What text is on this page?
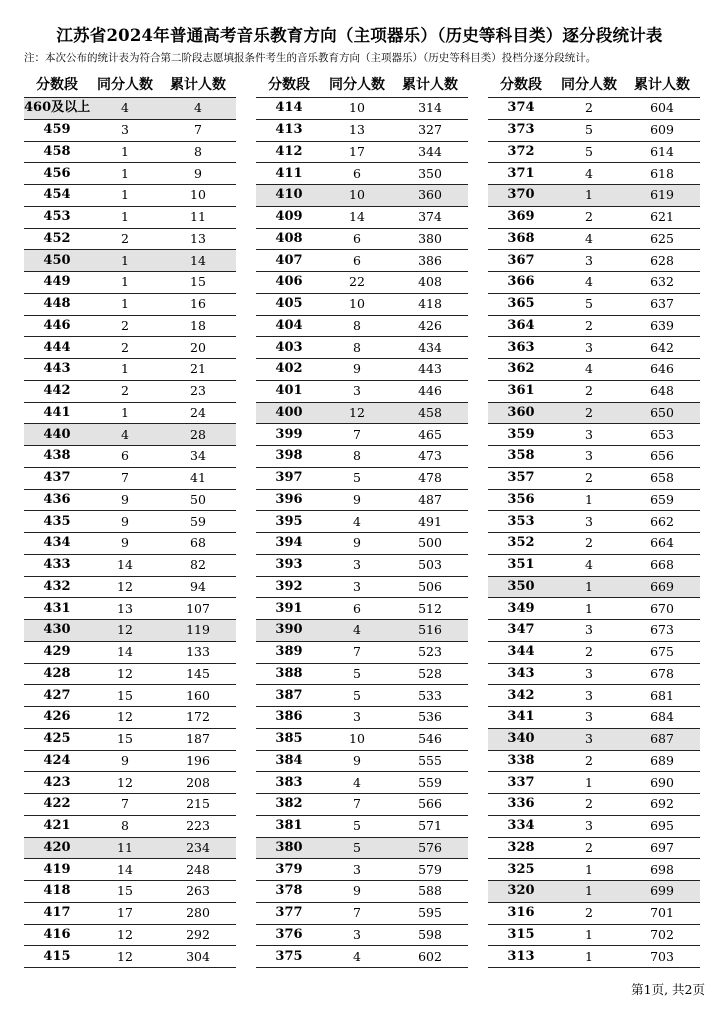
江苏省2024年普通高考音乐教育方向（主项器乐）（历史等科目类）逐分段统计表
注：本次公布的统计表为符合第二阶段志愿填报条件考生的音乐教育方向（主项器乐）（历史等科目类）投档分逐分段统计。
分数段	同分人数	累计人数
460及以上	4	4
459	3	7
458	1	8
456	1	9
454	1	10
453	1	11
452	2	13
450	1	14
449	1	15
448	1	16
446	2	18
444	2	20
443	1	21
442	2	23
441	1	24
440	4	28
438	6	34
437	7	41
436	9	50
435	9	59
434	9	68
433	14	82
432	12	94
431	13	107
430	12	119
429	14	133
428	12	145
427	15	160
426	12	172
425	15	187
424	9	196
423	12	208
422	7	215
421	8	223
420	11	234
419	14	248
418	15	263
417	17	280
416	12	292
415	12	304
分数段	同分人数	累计人数
414	10	314
413	13	327
412	17	344
411	6	350
410	10	360
409	14	374
408	6	380
407	6	386
406	22	408
405	10	418
404	8	426
403	8	434
402	9	443
401	3	446
400	12	458
399	7	465
398	8	473
397	5	478
396	9	487
395	4	491
394	9	500
393	3	503
392	3	506
391	6	512
390	4	516
389	7	523
388	5	528
387	5	533
386	3	536
385	10	546
384	9	555
383	4	559
382	7	566
381	5	571
380	5	576
379	3	579
378	9	588
377	7	595
376	3	598
375	4	602
分数段	同分人数	累计人数
374	2	604
373	5	609
372	5	614
371	4	618
370	1	619
369	2	621
368	4	625
367	3	628
366	4	632
365	5	637
364	2	639
363	3	642
362	4	646
361	2	648
360	2	650
359	3	653
358	3	656
357	2	658
356	1	659
353	3	662
352	2	664
351	4	668
350	1	669
349	1	670
347	3	673
344	2	675
343	3	678
342	3	681
341	3	684
340	3	687
338	2	689
337	1	690
336	2	692
334	3	695
328	2	697
325	1	698
320	1	699
316	2	701
315	1	702
313	1	703
第1页, 共2页
